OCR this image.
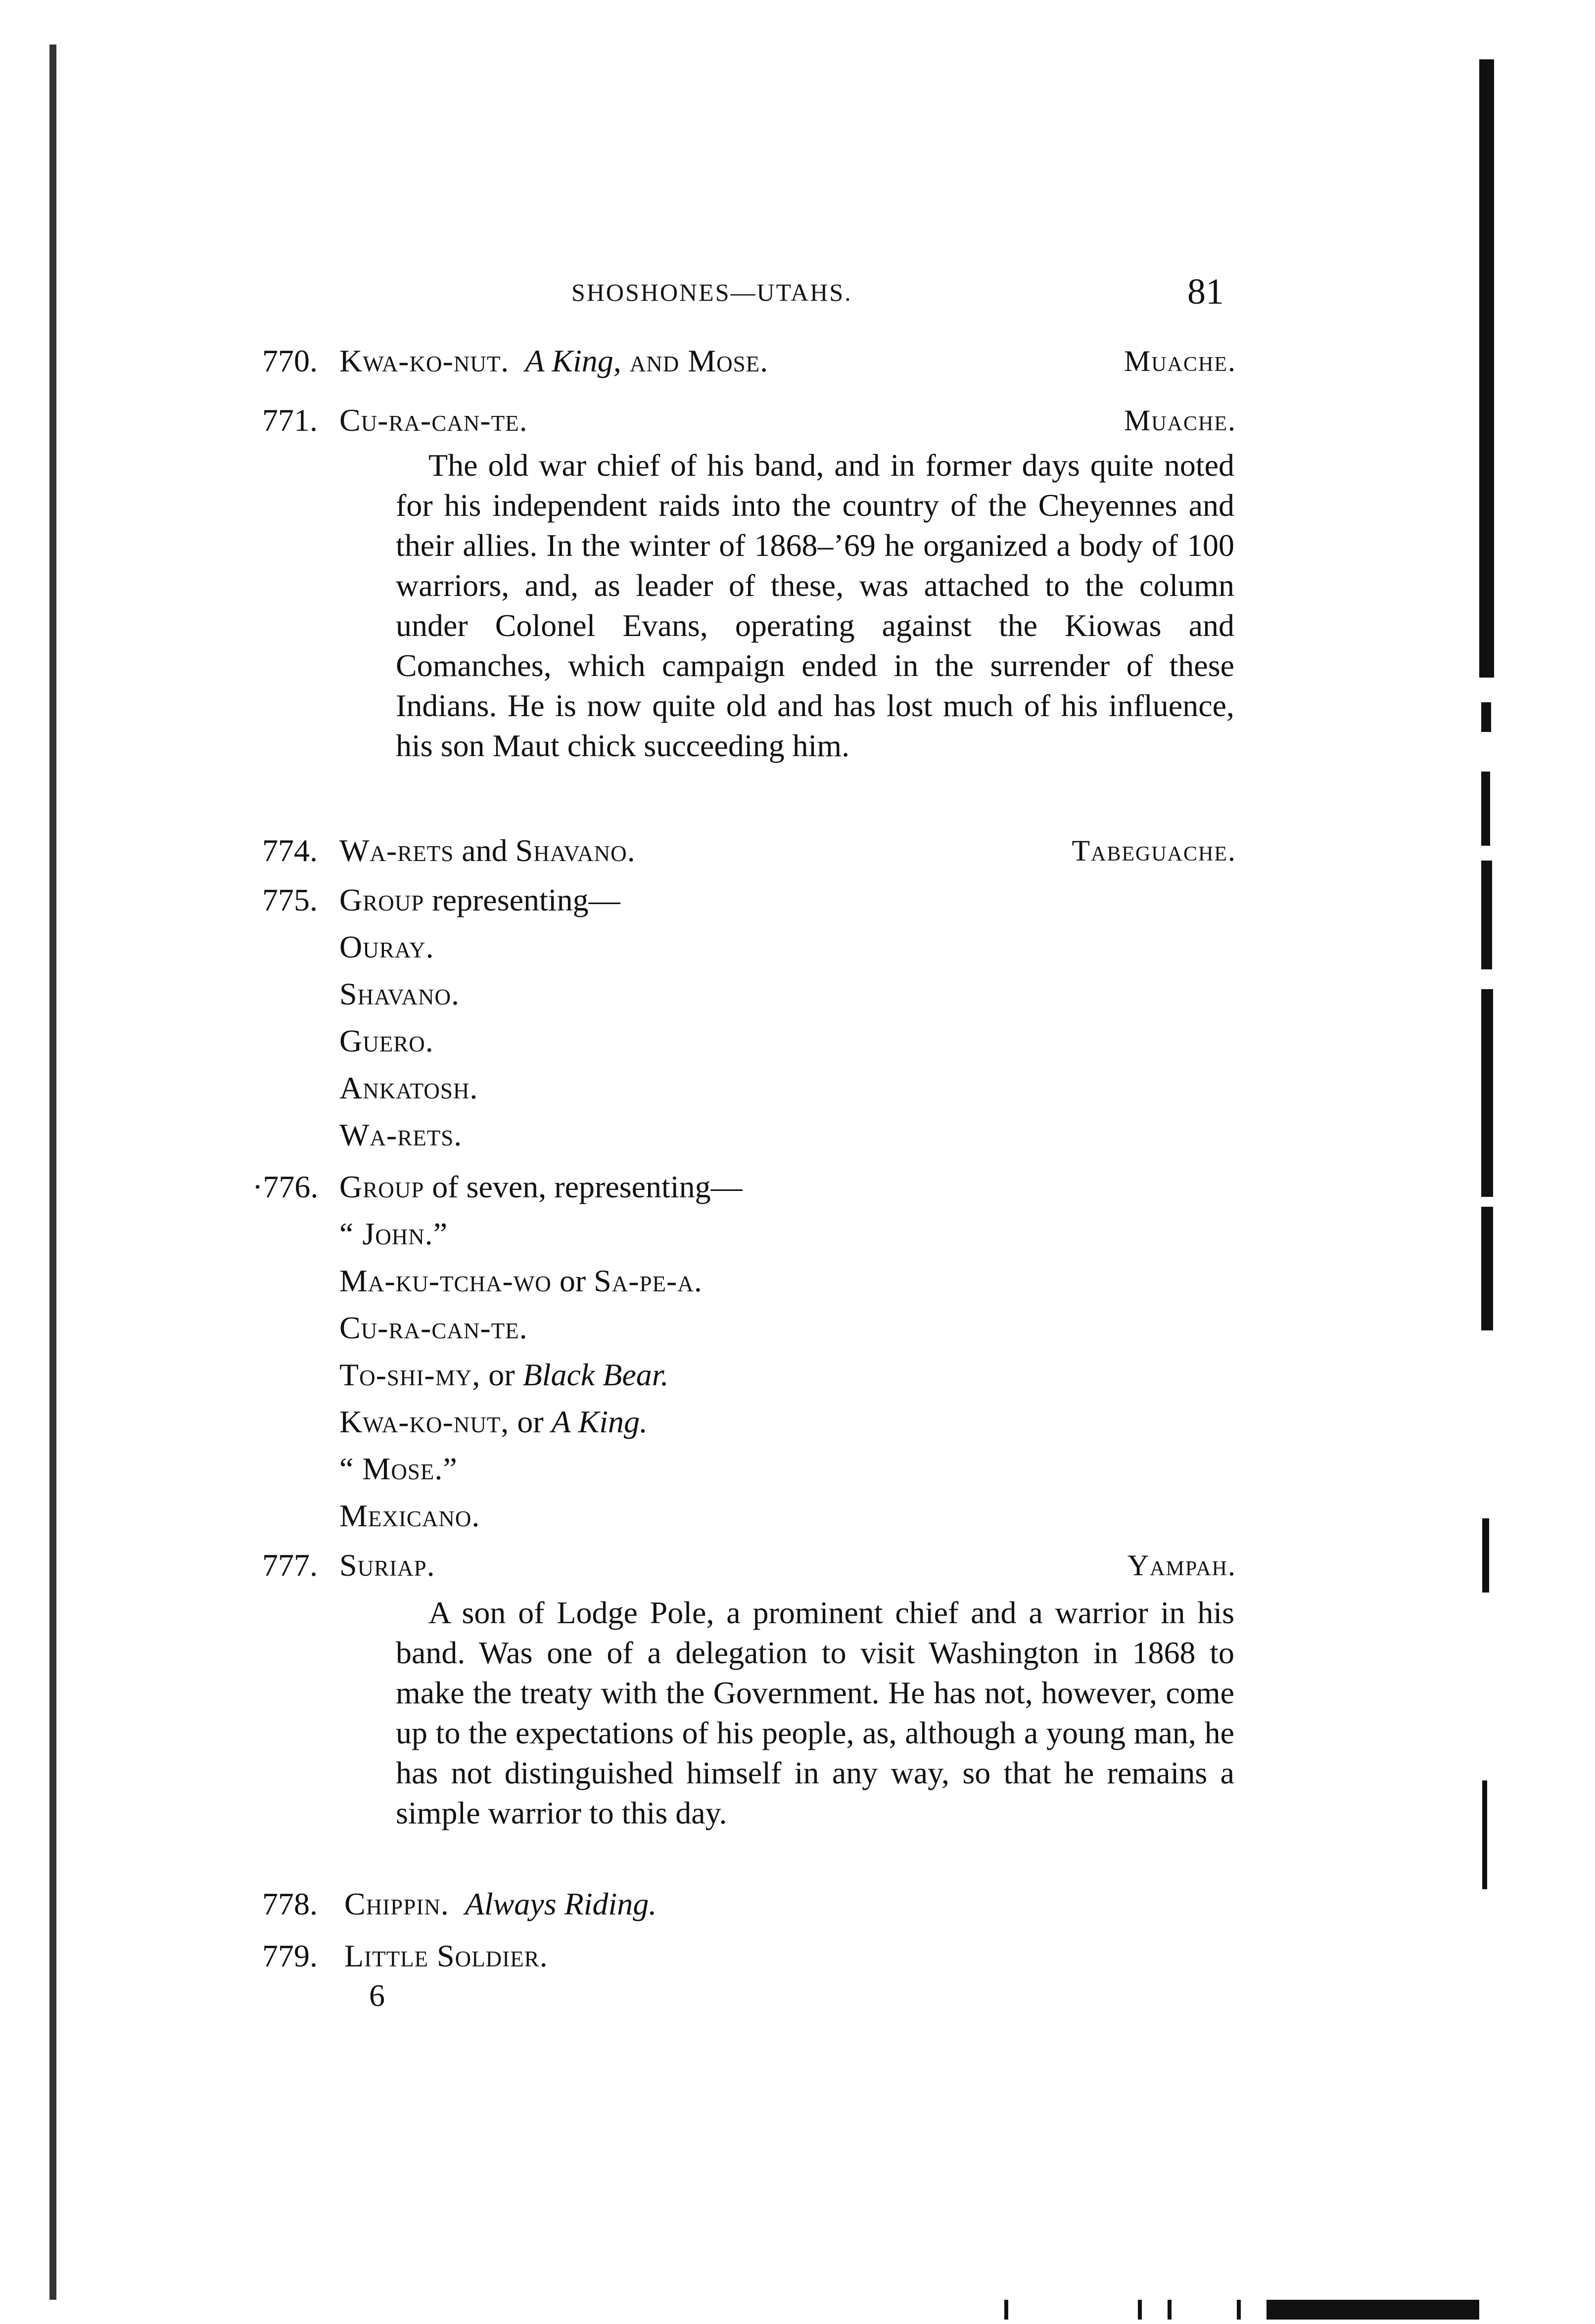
SHOSHONES—UTAHS.	81
770. Kwa-ko-nut. A King, and Mose.	Muache.
771. Cu-ra-can-te.	Muache.
The old war chief of his band, and in former days quite noted for his independent raids into the country of the Cheyennes and their allies. In the winter of 1868–’69 he organized a body of 100 warriors, and, as leader of these, was attached to the column under Colonel Evans, operating against the Kiowas and Comanches, which campaign ended in the surrender of these Indians. He is now quite old and has lost much of his influence, his son Maut chick succeeding him.
774. Wa-rets and Shavano.	Tabeguache.
775. Group representing—
Ouray.
Shavano.
Guero.
Ankatosh.
Wa-rets.
·776. Group of seven, representing—
“ John.”
Ma-ku-tcha-wo or Sa-pe-a.
Cu-ra-can-te.
To-shi-my, or Black Bear.
Kwa-ko-nut, or A King.
“ Mose.”
Mexicano.
777. Suriap.	Yampah.
A son of Lodge Pole, a prominent chief and a warrior in his band. Was one of a delegation to visit Washington in 1868 to make the treaty with the Government. He has not, however, come up to the expectations of his people, as, although a young man, he has not distinguished himself in any way, so that he remains a simple warrior to this day.
778. Chippin. Always Riding.
779. Little Soldier.
6
